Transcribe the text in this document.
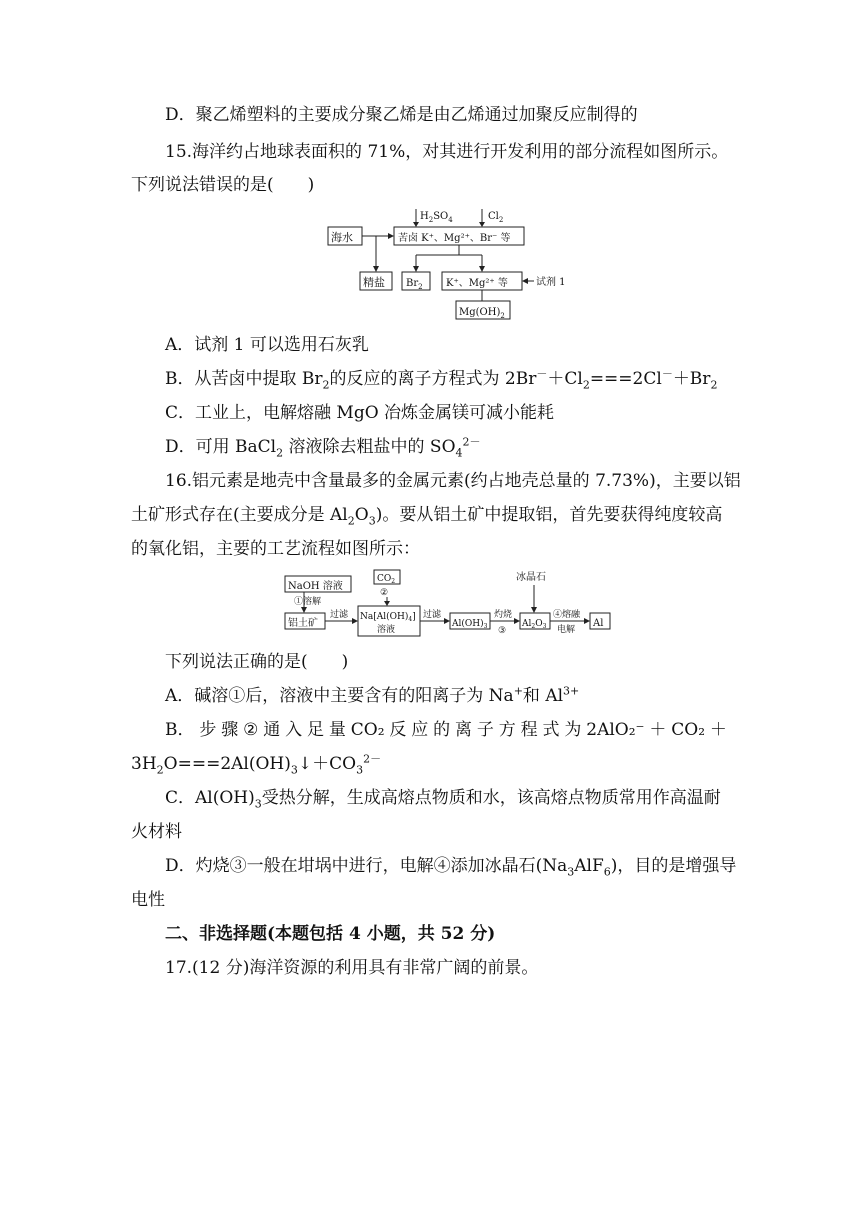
D．聚乙烯塑料的主要成分聚乙烯是由乙烯通过加聚反应制得的
15.海洋约占地球表面积的 71%，对其进行开发利用的部分流程如图所示。
下列说法错误的是(　　)
海水	苦卤 K⁺、Mg²⁺、Br⁻ 等
$H_2SO_4$	$Cl_2$
精盐 $Br_2$ K⁺、Mg²⁺ 等	试剂 1
$Mg(OH)_2$
A．试剂 1 可以选用石灰乳
B．从苦卤中提取 $Br_2$的反应的离子方程式为 $2Br^-+Cl_2===2Cl^-+Br_2$
C．工业上，电解熔融 MgO 冶炼金属镁可减小能耗
D．可用 BaCl$_2$ 溶液除去粗盐中的 $SO_4^{2-}$
16.铝元素是地壳中含量最多的金属元素(约占地壳总量的 7.73%)，主要以铝
土矿形式存在(主要成分是 $Al_2O_3$)。要从铝土矿中提取铝，首先要获得纯度较高
的氧化铝，主要的工艺流程如图所示：
NaOH 溶液
①溶解
铝土矿
过滤
$CO_2$
②
$Na[Al(OH)_4]$
溶液
过滤
$Al(OH)_3$
灼烧
③
冰晶石
$Al_2O_3$
④熔融
电解
Al
下列说法正确的是(　　)
A．碱溶①后，溶液中主要含有的阳离子为 Na+和 $Al^{3+}$
B． 步 骤 ② 通 入 足 量 CO₂ 反 应 的 离 子 方 程 式 为 2AlO₂⁻ ＋ CO₂ ＋
$3H_2O===2Al(OH)_3↓+CO_3^{2-}$
C．$Al(OH)_3$受热分解，生成高熔点物质和水，该高熔点物质常用作高温耐
火材料
D．灼烧③一般在坩埚中进行，电解④添加冰晶石$(Na_3AlF_6)$，目的是增强导
电性
二、非选择题(本题包括 4 小题，共 52 分)
17.(12 分)海洋资源的利用具有非常广阔的前景。
